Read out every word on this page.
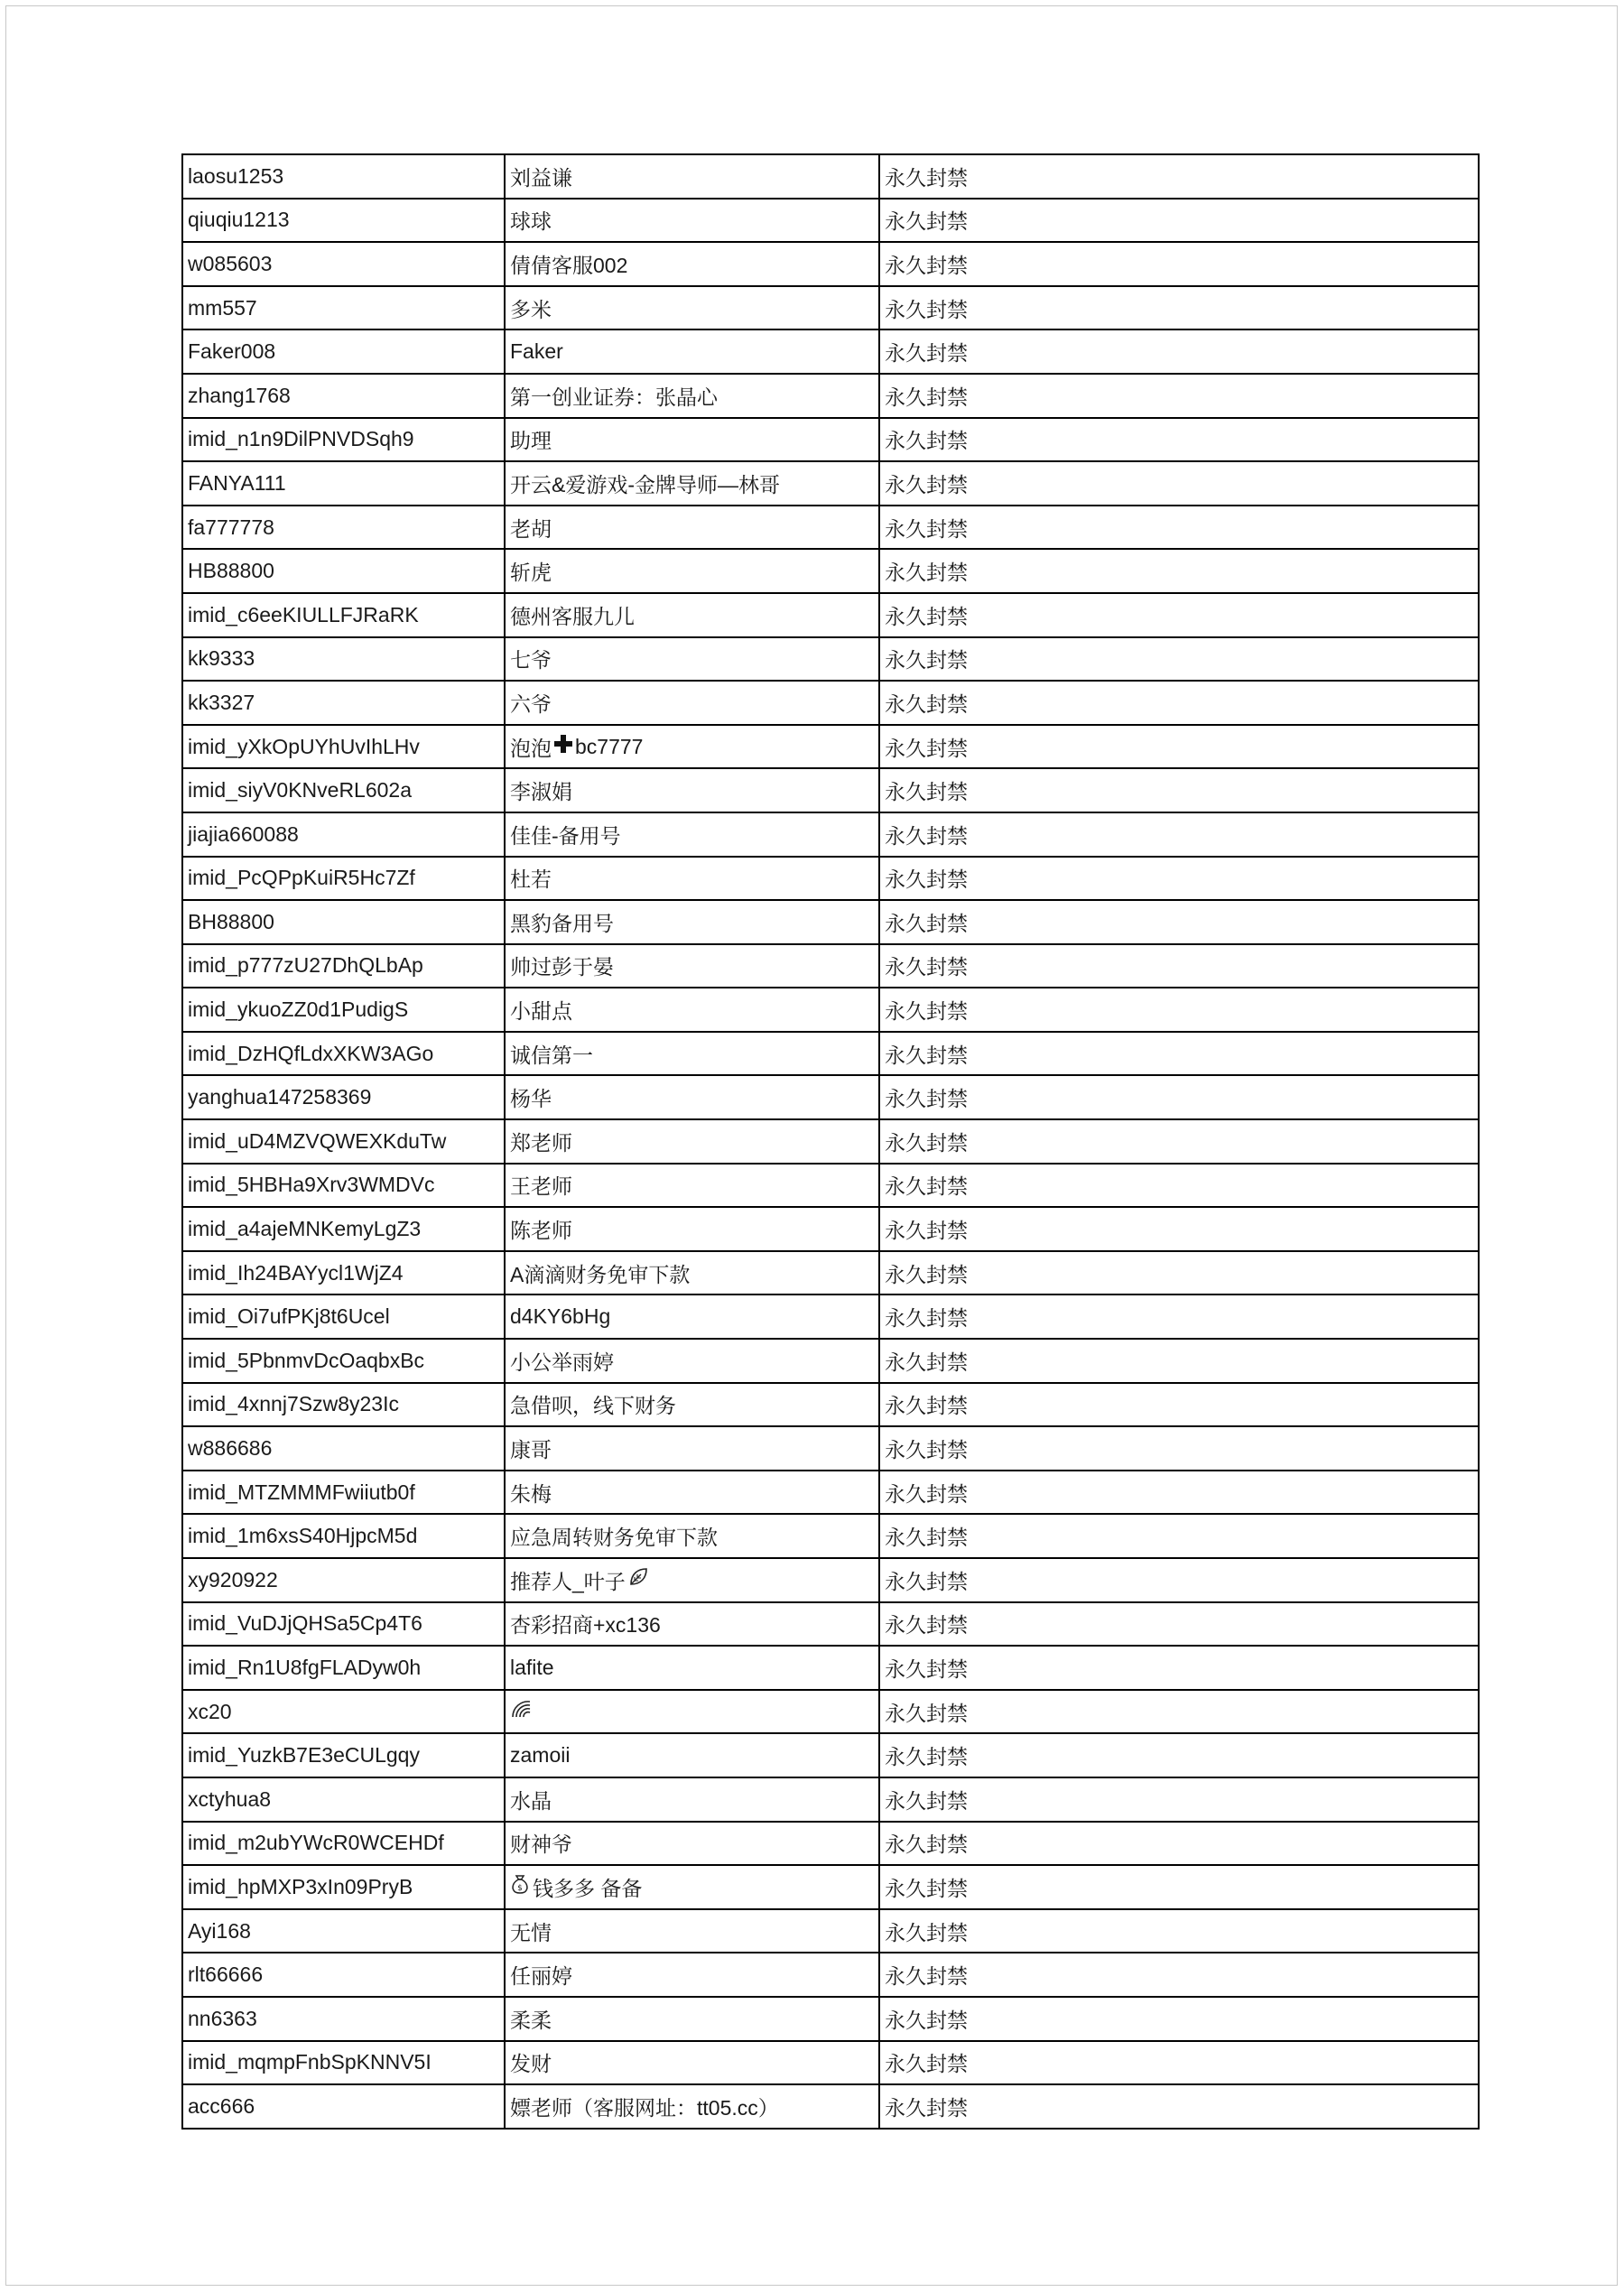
laosu1253	刘益谦	永久封禁
qiuqiu1213	球球	永久封禁
w085603	倩倩客服002	永久封禁
mm557	多米	永久封禁
Faker008	Faker	永久封禁
zhang1768	第一创业证券：张晶心	永久封禁
imid_n1n9DilPNVDSqh9	助理	永久封禁
FANYA111	开云&爱游戏-金牌导师—林哥	永久封禁
fa777778	老胡	永久封禁
HB88800	斩虎	永久封禁
imid_c6eeKIULLFJRaRK	德州客服九儿	永久封禁
kk9333	七爷	永久封禁
kk3327	六爷	永久封禁
imid_yXkOpUYhUvIhLHv	泡泡 bc7777	永久封禁
imid_siyV0KNveRL602a	李淑娟	永久封禁
jiajia660088	佳佳-备用号	永久封禁
imid_PcQPpKuiR5Hc7Zf	杜若	永久封禁
BH88800	黑豹备用号	永久封禁
imid_p777zU27DhQLbAp	帅过彭于晏	永久封禁
imid_ykuoZZ0d1PudigS	小甜点	永久封禁
imid_DzHQfLdxXKW3AGo	诚信第一	永久封禁
yanghua147258369	杨华	永久封禁
imid_uD4MZVQWEXKduTw	郑老师	永久封禁
imid_5HBHa9Xrv3WMDVc	王老师	永久封禁
imid_a4ajeMNKemyLgZ3	陈老师	永久封禁
imid_Ih24BAYycl1WjZ4	A滴滴财务免审下款	永久封禁
imid_Oi7ufPKj8t6Ucel	d4KY6bHg	永久封禁
imid_5PbnmvDcOaqbxBc	小公举雨婷	永久封禁
imid_4xnnj7Szw8y23Ic	急借呗，线下财务	永久封禁
w886686	康哥	永久封禁
imid_MTZMMMFwiiutb0f	朱梅	永久封禁
imid_1m6xsS40HjpcM5d	应急周转财务免审下款	永久封禁
xy920922	推荐人_叶子	永久封禁
imid_VuDJjQHSa5Cp4T6	杏彩招商+xc136	永久封禁
imid_Rn1U8fgFLADyw0h	lafite	永久封禁
xc20		永久封禁
imid_YuzkB7E3eCULgqy	zamoii	永久封禁
xctyhua8	水晶	永久封禁
imid_m2ubYWcR0WCEHDf	财神爷	永久封禁
imid_hpMXP3xIn09PryB	$ 钱多多 备备	永久封禁
Ayi168	无情	永久封禁
rlt66666	任丽婷	永久封禁
nn6363	柔柔	永久封禁
imid_mqmpFnbSpKNNV5I	发财	永久封禁
acc666	嫖老师（客服网址：tt05.cc）	永久封禁
